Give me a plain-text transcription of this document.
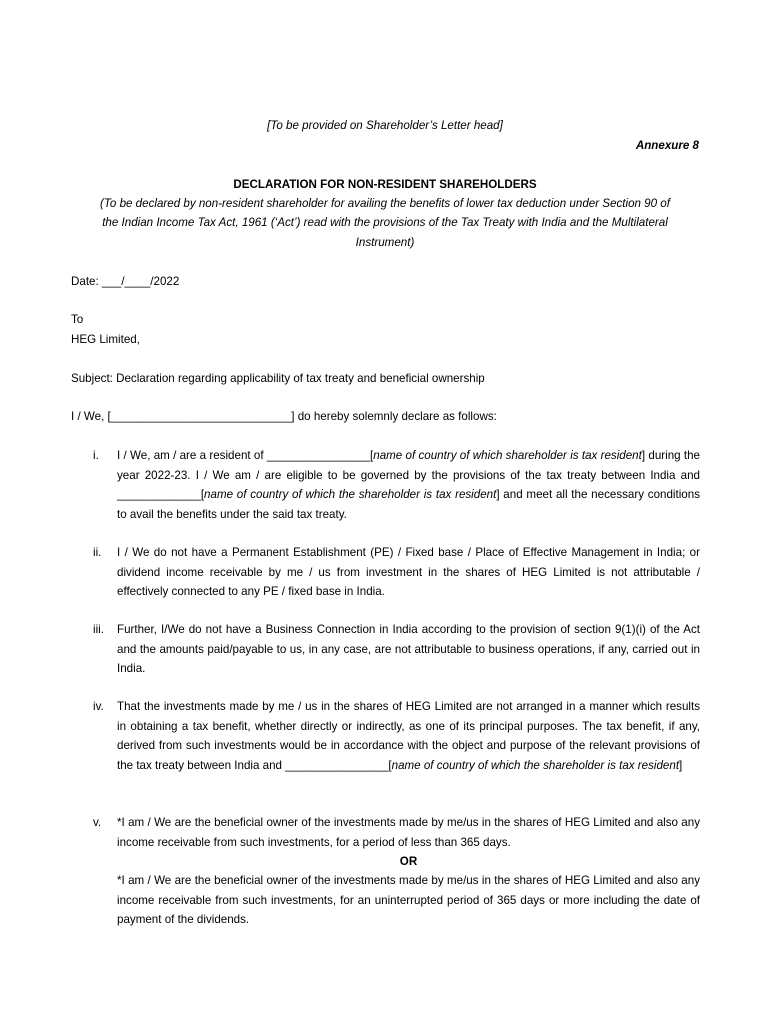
[To be provided on Shareholder’s Letter head]
Annexure 8
DECLARATION FOR NON-RESIDENT SHAREHOLDERS
(To be declared by non-resident shareholder for availing the benefits of lower tax deduction under Section 90 of
the Indian Income Tax Act, 1961 (‘Act’) read with the provisions of the Tax Treaty with India and the Multilateral
Instrument)
Date: ___/____/2022
To
HEG Limited,
Subject: Declaration regarding applicability of tax treaty and beneficial ownership
I / We, [____________________________] do hereby solemnly declare as follows:
i.	I / We, am / are a resident of ________________[name of country of which shareholder is tax resident] during the year 2022-23. I / We am / are eligible to be governed by the provisions of the tax treaty between India and _____________[name of country of which the shareholder is tax resident] and meet all the necessary conditions to avail the benefits under the said tax treaty.
ii.	I / We do not have a Permanent Establishment (PE) / Fixed base / Place of Effective Management in India; or dividend income receivable by me / us from investment in the shares of HEG Limited is not attributable / effectively connected to any PE / fixed base in India.
iii.	Further, I/We do not have a Business Connection in India according to the provision of section 9(1)(i) of the Act and the amounts paid/payable to us, in any case, are not attributable to business operations, if any, carried out in India.
iv.	That the investments made by me / us in the shares of HEG Limited are not arranged in a manner which results in obtaining a tax benefit, whether directly or indirectly, as one of its principal purposes. The tax benefit, if any, derived from such investments would be in accordance with the object and purpose of the relevant provisions of the tax treaty between India and ________________[name of country of which the shareholder is tax resident]
v.	*I am / We are the beneficial owner of the investments made by me/us in the shares of HEG Limited and also any income receivable from such investments, for a period of less than 365 days.
OR
*I am / We are the beneficial owner of the investments made by me/us in the shares of HEG Limited and also any income receivable from such investments, for an uninterrupted period of 365 days or more including the date of payment of the dividends.
